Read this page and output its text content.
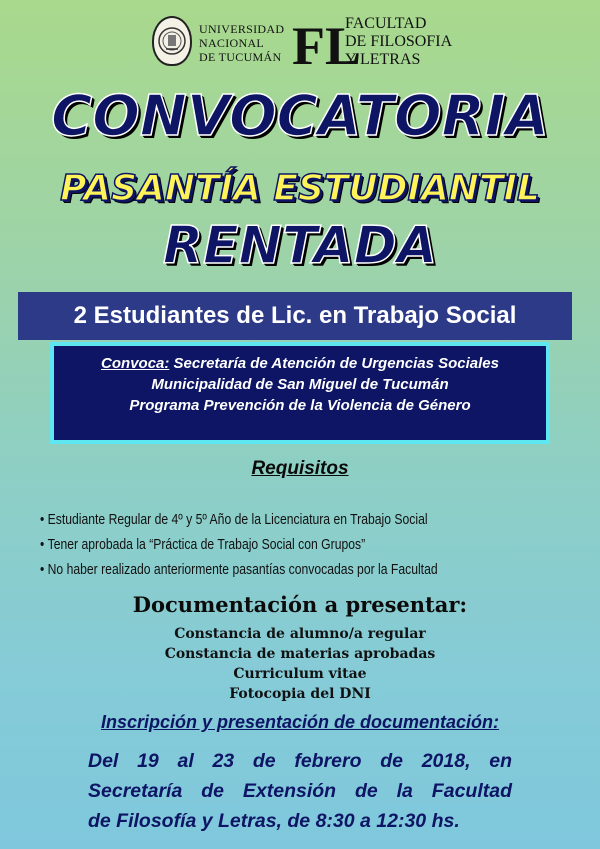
UNIVERSIDAD
NACIONAL
DE TUCUMÁN FL
FACULTAD
DE FILOSOFIA
Y LETRAS
CONVOCATORIA
PASANTÍA ESTUDIANTIL
RENTADA
2 Estudiantes de Lic. en Trabajo Social
Convoca: Secretaría de Atención de Urgencias Sociales
Municipalidad de San Miguel de Tucumán
Programa Prevención de la Violencia de Género
Requisitos
• Estudiante Regular de 4º y 5º Año de la Licenciatura en Trabajo Social
• Tener aprobada la “Práctica de Trabajo Social con Grupos”
• No haber realizado anteriormente pasantías convocadas por la Facultad
Documentación a presentar:
Constancia de alumno/a regular
Constancia de materias aprobadas
Curriculum vitae
Fotocopia del DNI
Inscripción y presentación de documentación:
Del 19 al 23 de febrero de 2018, en
Secretaría de Extensión de la Facultad
de Filosofía y Letras, de 8:30 a 12:30 hs.
